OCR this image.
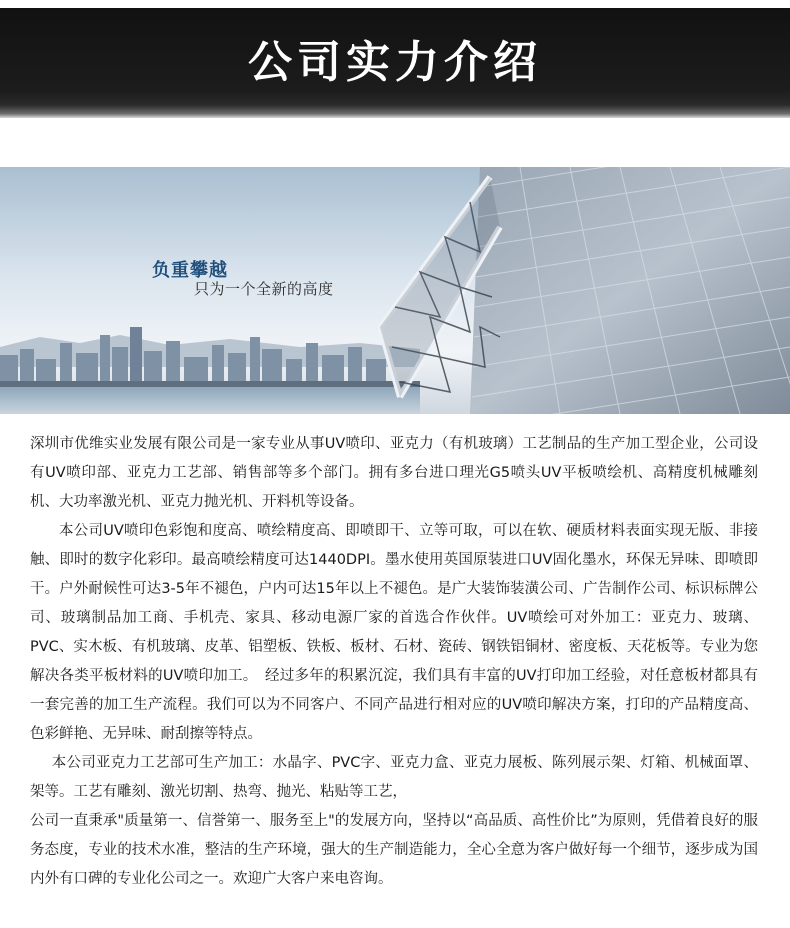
公司实力介绍
负重攀越
只为一个全新的高度

深圳市优维实业发展有限公司是一家专业从事UV喷印、亚克力（有机玻璃）工艺制品的生产加工型企业，公司设有UV喷印部、亚克力工艺部、销售部等多个部门。拥有多台进口理光G5喷头UV平板喷绘机、高精度机械雕刻机、大功率激光机、亚克力抛光机、开料机等设备。

本公司UV喷印色彩饱和度高、喷绘精度高、即喷即干、立等可取，可以在软、硬质材料表面实现无版、非接触、即时的数字化彩印。最高喷绘精度可达1440DPI。墨水使用英国原装进口UV固化墨水，环保无异味、即喷即干。户外耐候性可达3-5年不褪色，户内可达15年以上不褪色。是广大装饰装潢公司、广告制作公司、标识标牌公司、玻璃制品加工商、手机壳、家具、移动电源厂家的首选合作伙伴。UV喷绘可对外加工：亚克力、玻璃、PVC、实木板、有机玻璃、皮革、铝塑板、铁板、板材、石材、瓷砖、钢铁铝铜材、密度板、天花板等。专业为您解决各类平板材料的UV喷印加工。　经过多年的积累沉淀，我们具有丰富的UV打印加工经验，对任意板材都具有一套完善的加工生产流程。我们可以为不同客户、不同产品进行相对应的UV喷印解决方案，打印的产品精度高、色彩鲜艳、无异味、耐刮擦等特点。

本公司亚克力工艺部可生产加工：水晶字、PVC字、亚克力盒、亚克力展板、陈列展示架、灯箱、机械面罩、架等。工艺有雕刻、激光切割、热弯、抛光、粘贴等工艺，

公司一直秉承"质量第一、信誉第一、服务至上"的发展方向，坚持以“高品质、高性价比”为原则，凭借着良好的服务态度，专业的技术水准，整洁的生产环境，强大的生产制造能力，全心全意为客户做好每一个细节，逐步成为国内外有口碑的专业化公司之一。欢迎广大客户来电咨询。
